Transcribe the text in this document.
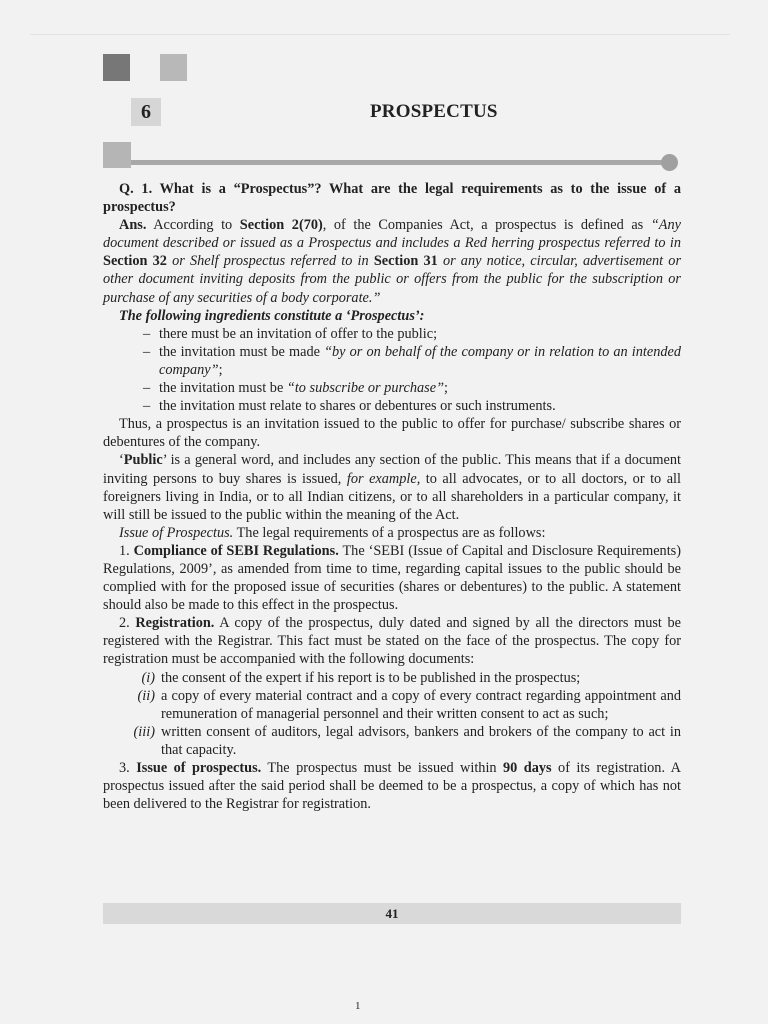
6	PROSPECTUS

Q. 1. What is a “Prospectus”? What are the legal requirements as to the issue of a prospectus?

Ans. According to Section 2(70), of the Companies Act, a prospectus is defined as “Any document described or issued as a Prospectus and includes a Red herring prospectus referred to in Section 32 or Shelf prospectus referred to in Section 31 or any notice, circular, advertisement or other document inviting deposits from the public or offers from the public for the subscription or purchase of any securities of a body corporate.”

The following ingredients constitute a ‘Prospectus’:

– there must be an invitation of offer to the public;

– the invitation must be made “by or on behalf of the company or in relation to an intended company”;

– the invitation must be “to subscribe or purchase”;

– the invitation must relate to shares or debentures or such instruments.

Thus, a prospectus is an invitation issued to the public to offer for purchase/ subscribe shares or debentures of the company.

‘Public’ is a general word, and includes any section of the public. This means that if a document inviting persons to buy shares is issued, for example, to all advocates, or to all doctors, or to all foreigners living in India, or to all Indian citizens, or to all shareholders in a particular company, it will still be issued to the public within the meaning of the Act.

Issue of Prospectus. The legal requirements of a prospectus are as follows:

1. Compliance of SEBI Regulations. The ‘SEBI (Issue of Capital and Disclosure Requirements) Regulations, 2009’, as amended from time to time, regarding capital issues to the public should be complied with for the proposed issue of securities (shares or debentures) to the public. A statement should also be made to this effect in the prospectus.

2. Registration. A copy of the prospectus, duly dated and signed by all the directors must be registered with the Registrar. This fact must be stated on the face of the prospectus. The copy for registration must be accompanied with the following documents:

(i) the consent of the expert if his report is to be published in the prospectus;

(ii) a copy of every material contract and a copy of every contract regarding appointment and remuneration of managerial personnel and their written consent to act as such;

(iii) written consent of auditors, legal advisors, bankers and brokers of the company to act in that capacity.

3. Issue of prospectus. The prospectus must be issued within 90 days of its registration. A prospectus issued after the said period shall be deemed to be a prospectus, a copy of which has not been delivered to the Registrar for registration.

41
1
